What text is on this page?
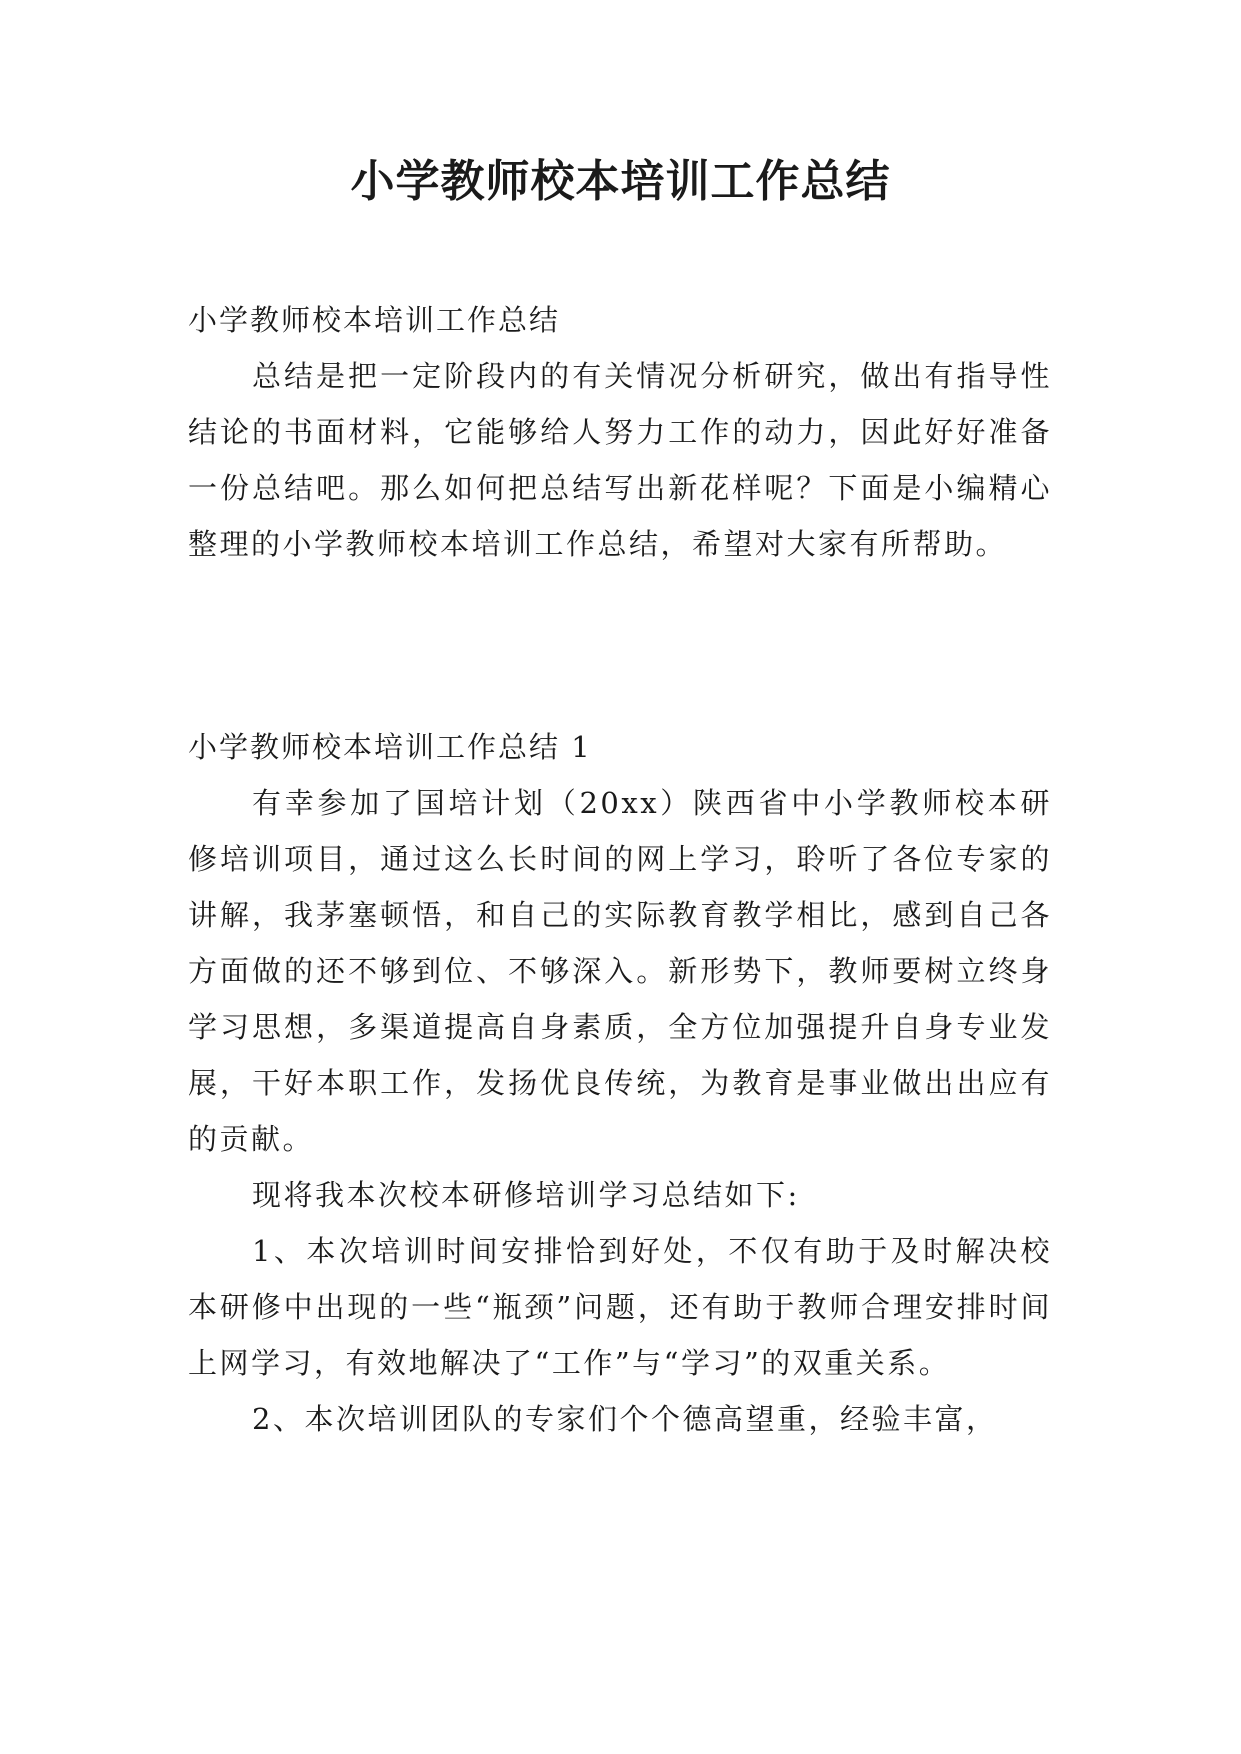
小学教师校本培训工作总结

小学教师校本培训工作总结

总结是把一定阶段内的有关情况分析研究，做出有指导性结论的书面材料，它能够给人努力工作的动力，因此好好准备一份总结吧。那么如何把总结写出新花样呢？下面是小编精心整理的小学教师校本培训工作总结，希望对大家有所帮助。

小学教师校本培训工作总结 1

有幸参加了国培计划（20xx）陕西省中小学教师校本研修培训项目，通过这么长时间的网上学习，聆听了各位专家的讲解，我茅塞顿悟，和自己的实际教育教学相比，感到自己各方面做的还不够到位、不够深入。新形势下，教师要树立终身学习思想，多渠道提高自身素质，全方位加强提升自身专业发展，干好本职工作，发扬优良传统，为教育是事业做出出应有的贡献。

现将我本次校本研修培训学习总结如下:

1、本次培训时间安排恰到好处，不仅有助于及时解决校本研修中出现的一些“瓶颈”问题，还有助于教师合理安排时间上网学习，有效地解决了“工作”与“学习”的双重关系。

2、本次培训团队的专家们个个德高望重，经验丰富，
